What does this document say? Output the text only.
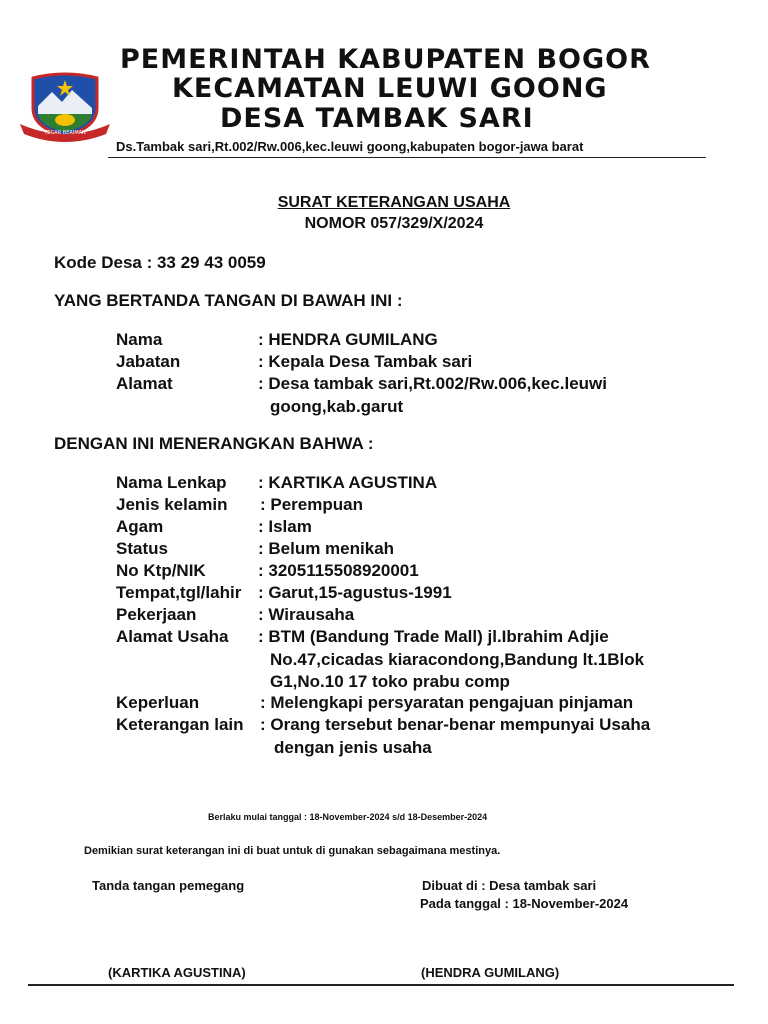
TEGAR BERIMAN
PEMERINTAH KABUPATEN BOGOR
KECAMATAN LEUWI GOONG
DESA TAMBAK SARI
Ds.Tambak sari,Rt.002/Rw.006,kec.leuwi goong,kabupaten bogor-jawa barat
SURAT KETERANGAN USAHA
NOMOR 057/329/X/2024
Kode Desa : 33 29 43 0059
YANG BERTANDA TANGAN DI BAWAH INI :
Nama	: HENDRA GUMILANG
Jabatan	: Kepala Desa Tambak sari
Alamat	: Desa tambak sari,Rt.002/Rw.006,kec.leuwi
goong,kab.garut
DENGAN INI MENERANGKAN BAHWA :
Nama Lenkap : KARTIKA AGUSTINA
Jenis kelamin : Perempuan
Agam	: Islam
Status	: Belum menikah
No Ktp/NIK	: 3205115508920001
Tempat,tgl/lahir : Garut,15-agustus-1991
Pekerjaan	: Wirausaha
Alamat Usaha : BTM (Bandung Trade Mall) jl.Ibrahim Adjie
No.47,cicadas kiaracondong,Bandung lt.1Blok
G1,No.10 17 toko prabu comp
Keperluan	: Melengkapi persyaratan pengajuan pinjaman
Keterangan lain : Orang tersebut benar-benar mempunyai Usaha
dengan jenis usaha
Berlaku mulai tanggal : 18-November-2024 s/d 18-Desember-2024
Demikian surat keterangan ini di buat untuk di gunakan sebagaimana mestinya.
Tanda tangan pemegang	Dibuat di : Desa tambak sari
Pada tanggal : 18-November-2024
(KARTIKA AGUSTINA)	(HENDRA GUMILANG)
